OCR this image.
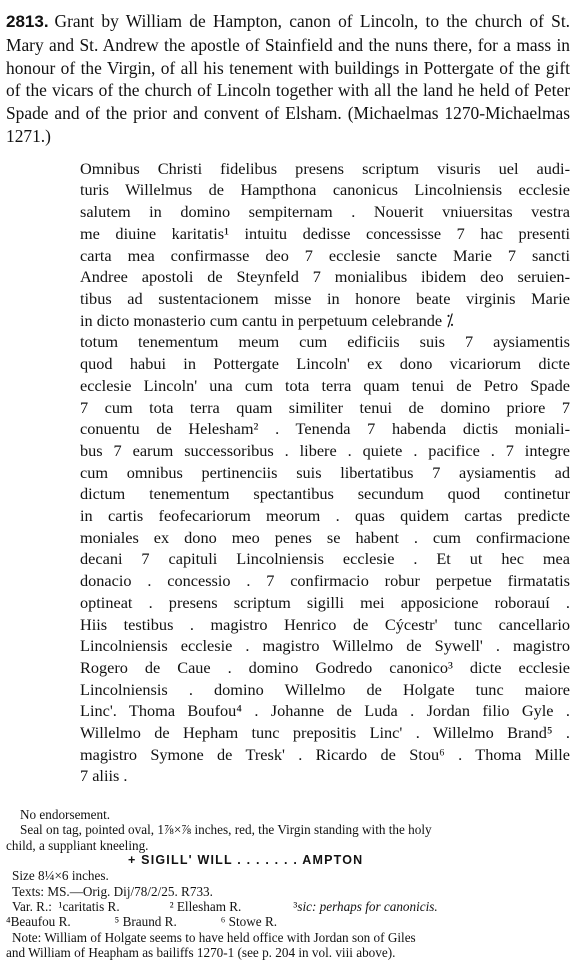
2813. Grant by William de Hampton, canon of Lincoln, to the church of St. Mary and St. Andrew the apostle of Stainfield and the nuns there, for a mass in honour of the Virgin, of all his tenement with buildings in Pottergate of the gift of the vicars of the church of Lincoln together with all the land he held of Peter Spade and of the prior and convent of Elsham. (Michaelmas 1270-Michaelmas 1271.)

Omnibus Christi fidelibus presens scriptum visuris uel audi-
turis Willelmus de Hampthona canonicus Lincolniensis ecclesie
salutem in domino sempiternam . Nouerit vniuersitas vestra
me diuine karitatis¹ intuitu dedisse concessisse 7 hac presenti
carta mea confirmasse deo 7 ecclesie sancte Marie 7 sancti
Andree apostoli de Steynfeld 7 monialibus ibidem deo seruien-
tibus ad sustentacionem misse in honore beate virginis Marie
in dicto monasterio cum cantu in perpetuum celebrande ⁒
totum tenementum meum cum edificiis suis 7 aysiamentis
quod habui in Pottergate Lincoln' ex dono vicariorum dicte
ecclesie Lincoln' una cum tota terra quam tenui de Petro Spade
7 cum tota terra quam similiter tenui de domino priore 7
conuentu de Helesham² . Tenenda 7 habenda dictis moniali-
bus 7 earum successoribus . libere . quiete . pacifice . 7 integre
cum omnibus pertinenciis suis libertatibus 7 aysiamentis ad
dictum tenementum spectantibus secundum quod continetur
in cartis feofecariorum meorum . quas quidem cartas predicte
moniales ex dono meo penes se habent . cum confirmacione
decani 7 capituli Lincolniensis ecclesie . Et ut hec mea
donacio . concessio . 7 confirmacio robur perpetue firmatatis
optineat . presens scriptum sigilli mei apposicione roborauí .
Hiis testibus . magistro Henrico de Cýcestr' tunc cancellario
Lincolniensis ecclesie . magistro Willelmo de Sywell' . magistro
Rogero de Caue . domino Godredo canonico³ dicte ecclesie
Lincolniensis . domino Willelmo de Holgate tunc maiore
Linc'. Thoma Boufou⁴ . Johanne de Luda . Jordan filio Gyle .
Willelmo de Hepham tunc prepositis Linc' . Willelmo Brand⁵ .
magistro Symone de Tresk' . Ricardo de Stou⁶ . Thoma Mille
7 aliis .
No endorsement.
Seal on tag, pointed oval, 1⅞×⅞ inches, red, the Virgin standing with the holy
child, a suppliant kneeling.
+ SIGILL' WILL . . . . . . . AMPTON
Size 8¼×6 inches.
Texts: MS.—Orig. Dij/78/2/25. R733.
Var. R.: ¹caritatis R.	² Ellesham R.	³sic: perhaps for canonicis.
⁴Beaufou R.	⁵ Braund R.	⁶ Stowe R.
Note: William of Holgate seems to have held office with Jordan son of Giles
and William of Heapham as bailiffs 1270-1 (see p. 204 in vol. viii above).
